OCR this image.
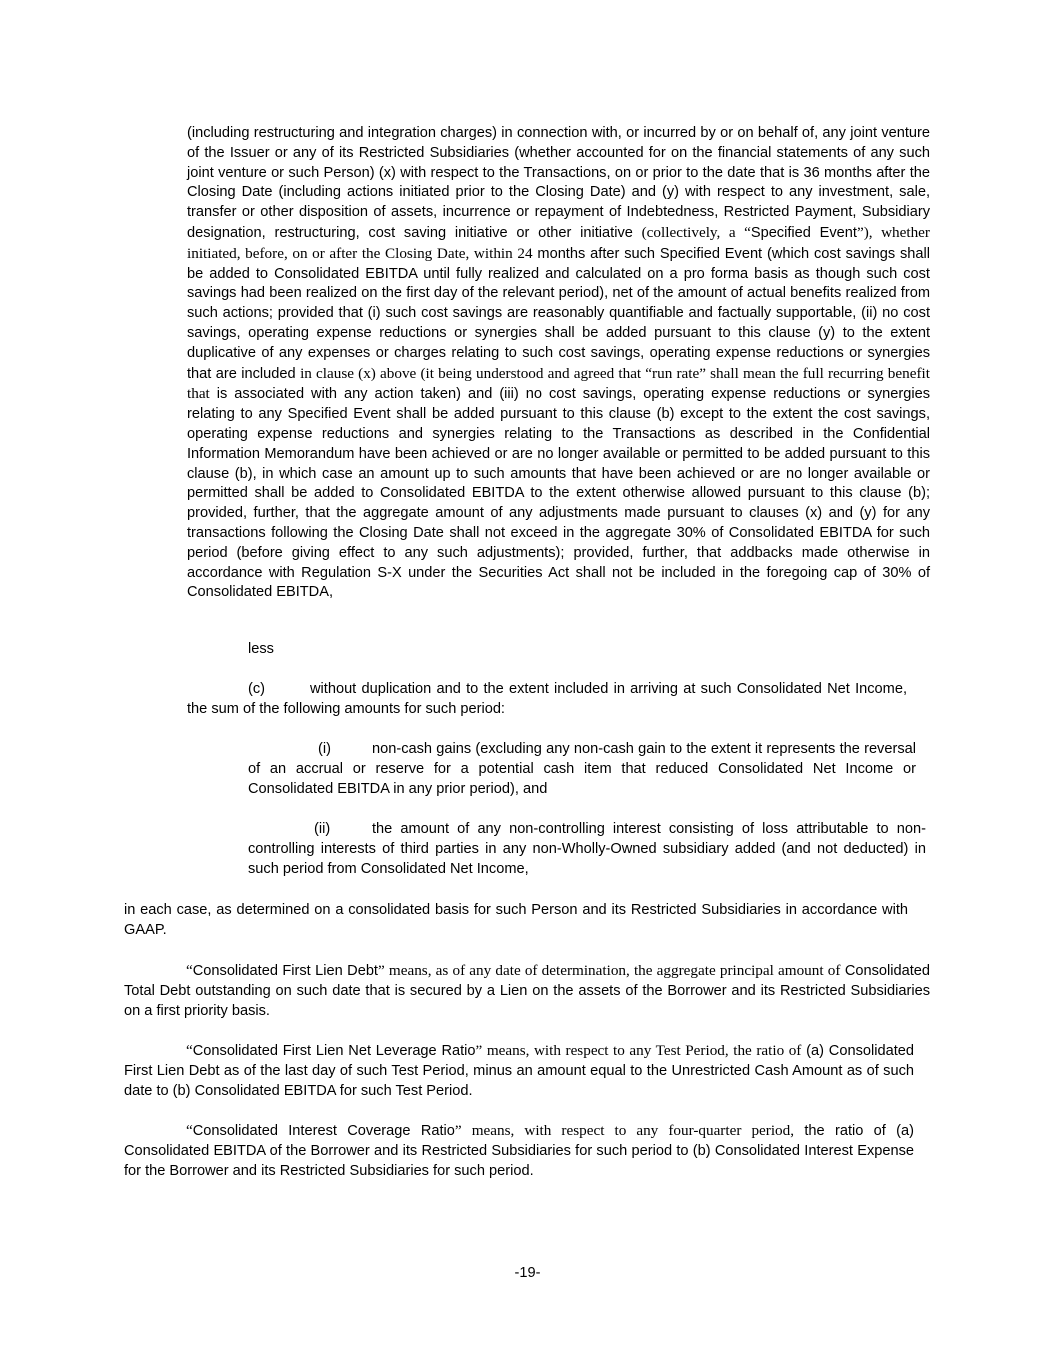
(including restructuring and integration charges) in connection with, or incurred by or on behalf of, any joint venture of the Issuer or any of its Restricted Subsidiaries (whether accounted for on the financial statements of any such joint venture or such Person) (x) with respect to the Transactions, on or prior to the date that is 36 months after the Closing Date (including actions initiated prior to the Closing Date) and (y) with respect to any investment, sale, transfer or other disposition of assets, incurrence or repayment of Indebtedness, Restricted Payment, Subsidiary designation, restructuring, cost saving initiative or other initiative (collectively, a “Specified Event”), whether initiated, before, on or after the Closing Date, within 24 months after such Specified Event (which cost savings shall be added to Consolidated EBITDA until fully realized and calculated on a pro forma basis as though such cost savings had been realized on the first day of the relevant period), net of the amount of actual benefits realized from such actions; provided that (i) such cost savings are reasonably quantifiable and factually supportable, (ii) no cost savings, operating expense reductions or synergies shall be added pursuant to this clause (y) to the extent duplicative of any expenses or charges relating to such cost savings, operating expense reductions or synergies that are included in clause (x) above (it being understood and agreed that “run rate” shall mean the full recurring benefit that is associated with any action taken) and (iii) no cost savings, operating expense reductions or synergies relating to any Specified Event shall be added pursuant to this clause (b) except to the extent the cost savings, operating expense reductions and synergies relating to the Transactions as described in the Confidential Information Memorandum have been achieved or are no longer available or permitted to be added pursuant to this clause (b), in which case an amount up to such amounts that have been achieved or are no longer available or permitted shall be added to Consolidated EBITDA to the extent otherwise allowed pursuant to this clause (b); provided, further, that the aggregate amount of any adjustments made pursuant to clauses (x) and (y) for any transactions following the Closing Date shall not exceed in the aggregate 30% of Consolidated EBITDA for such period (before giving effect to any such adjustments); provided, further, that addbacks made otherwise in accordance with Regulation S-X under the Securities Act shall not be included in the foregoing cap of 30% of Consolidated EBITDA,

less

(c)	without duplication and to the extent included in arriving at such Consolidated Net Income, the sum of the following amounts for such period:

(i)	non-cash gains (excluding any non-cash gain to the extent it represents the reversal of an accrual or reserve for a potential cash item that reduced Consolidated Net Income or Consolidated EBITDA in any prior period), and

(ii)	the amount of any non-controlling interest consisting of loss attributable to non-controlling interests of third parties in any non-Wholly-Owned subsidiary added (and not deducted) in such period from Consolidated Net Income,

in each case, as determined on a consolidated basis for such Person and its Restricted Subsidiaries in accordance with GAAP.

“Consolidated First Lien Debt” means, as of any date of determination, the aggregate principal amount of Consolidated Total Debt outstanding on such date that is secured by a Lien on the assets of the Borrower and its Restricted Subsidiaries on a first priority basis.

“Consolidated First Lien Net Leverage Ratio” means, with respect to any Test Period, the ratio of (a) Consolidated First Lien Debt as of the last day of such Test Period, minus an amount equal to the Unrestricted Cash Amount as of such date to (b) Consolidated EBITDA for such Test Period.

“Consolidated Interest Coverage Ratio” means, with respect to any four-quarter period, the ratio of (a) Consolidated EBITDA of the Borrower and its Restricted Subsidiaries for such period to (b) Consolidated Interest Expense for the Borrower and its Restricted Subsidiaries for such period.

-19-
